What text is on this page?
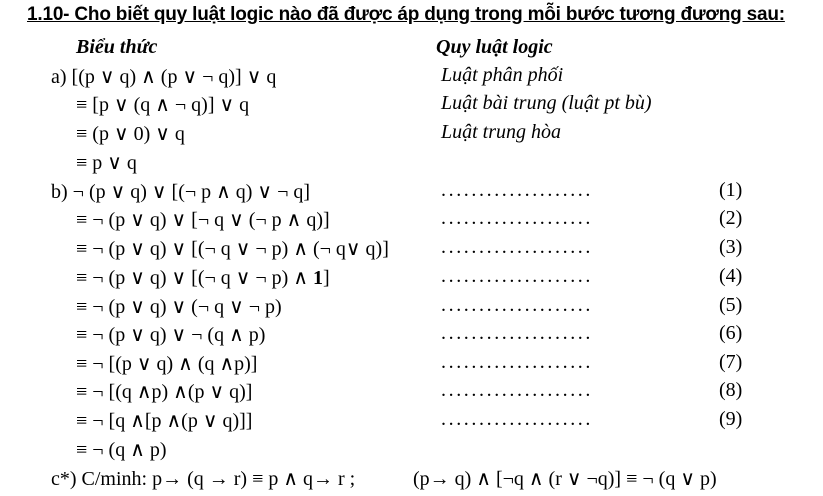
1.10- Cho biết quy luật logic nào đã được áp dụng trong mỗi bước tương đương sau:
Biểu thức	Quy luật logic
a) [(p ∨ q) ∧ (p ∨ ¬ q)] ∨ q	Luật phân phối
≡ [p ∨ (q ∧ ¬ q)] ∨ q	Luật bài trung (luật pt bù)
≡ (p ∨ 0) ∨ q	Luật trung hòa
≡ p ∨ q
b) ¬ (p ∨ q) ∨ [(¬ p ∧ q) ∨ ¬ q]	....................	(1)
≡ ¬ (p ∨ q) ∨ [¬ q ∨ (¬ p ∧ q)]	....................	(2)
≡ ¬ (p ∨ q) ∨ [(¬ q ∨ ¬ p) ∧ (¬ q∨ q)]	....................	(3)
≡ ¬ (p ∨ q) ∨ [(¬ q ∨ ¬ p) ∧ 1]	....................	(4)
≡ ¬ (p ∨ q) ∨ (¬ q ∨ ¬ p)	....................	(5)
≡ ¬ (p ∨ q) ∨ ¬ (q ∧ p)	....................	(6)
≡ ¬ [(p ∨ q) ∧ (q ∧p)]	....................	(7)
≡ ¬ [(q ∧p) ∧(p ∨ q)]	....................	(8)
≡ ¬ [q ∧[p ∧(p ∨ q)]]	....................	(9)
≡ ¬ (q ∧ p)
c*) C/minh: p→ (q → r) ≡ p ∧ q→ r ;	(p→ q) ∧ [¬q ∧ (r ∨ ¬q)] ≡ ¬ (q ∨ p)
